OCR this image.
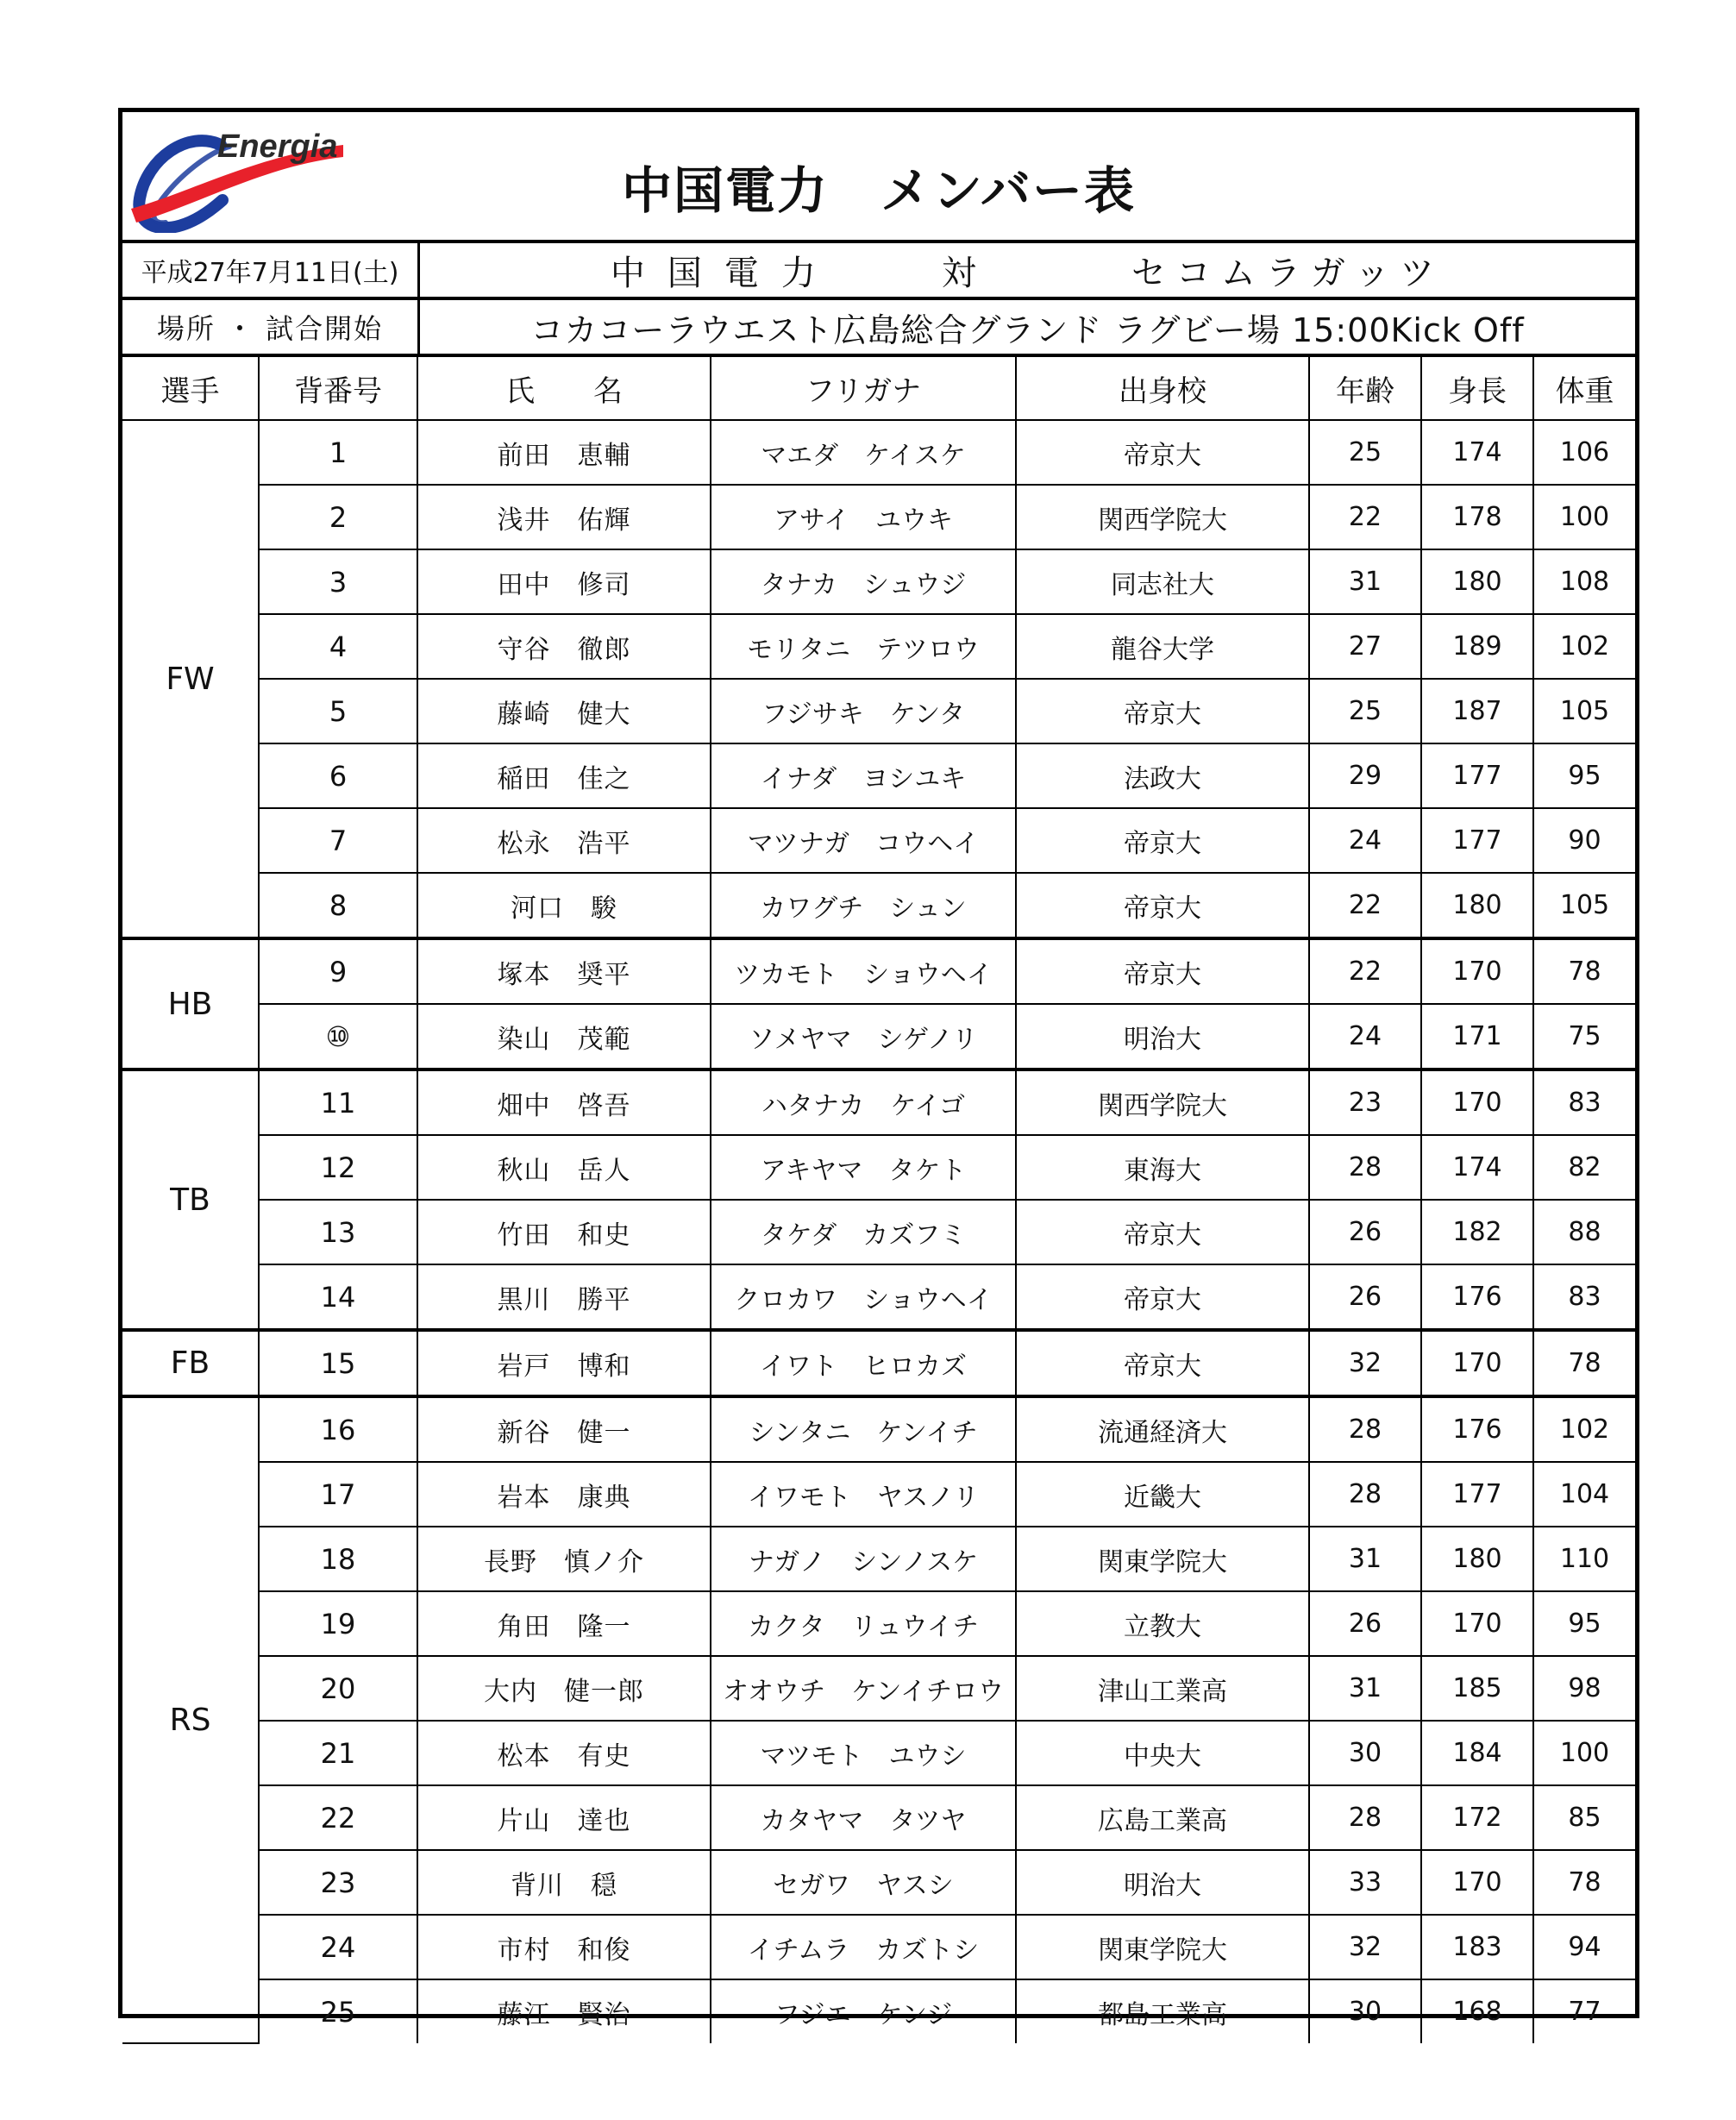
Energia
中国電力　メンバー表
平成27年7月11日(土)	中国電力	対	セコムラガッツ
場所 ・ 試合開始	コカコーラウエスト広島総合グランド ラグビー場 15:00Kick Off
選手	背番号	氏　　名	フリガナ	出身校	年齢	身長	体重
FW	1	前田　恵輔	マエダ　ケイスケ	帝京大	25	174	106
	2	浅井　佑輝	アサイ　ユウキ	関西学院大	22	178	100
	3	田中　修司	タナカ　シュウジ	同志社大	31	180	108
	4	守谷　徹郎	モリタニ　テツロウ	龍谷大学	27	189	102
	5	藤崎　健大	フジサキ　ケンタ	帝京大	25	187	105
	6	稲田　佳之	イナダ　ヨシユキ	法政大	29	177	95
	7	松永　浩平	マツナガ　コウヘイ	帝京大	24	177	90
	8	河口　駿	カワグチ　シュン	帝京大	22	180	105
HB	9	塚本　奨平	ツカモト　ショウヘイ	帝京大	22	170	78
	⑩	染山　茂範	ソメヤマ　シゲノリ	明治大	24	171	75
TB	11	畑中　啓吾	ハタナカ　ケイゴ	関西学院大	23	170	83
	12	秋山　岳人	アキヤマ　タケト	東海大	28	174	82
	13	竹田　和史	タケダ　カズフミ	帝京大	26	182	88
	14	黒川　勝平	クロカワ　ショウヘイ	帝京大	26	176	83
FB	15	岩戸　博和	イワト　ヒロカズ	帝京大	32	170	78
RS	16	新谷　健一	シンタニ　ケンイチ	流通経済大	28	176	102
	17	岩本　康典	イワモト　ヤスノリ	近畿大	28	177	104
	18	長野　慎ノ介	ナガノ　シンノスケ	関東学院大	31	180	110
	19	角田　隆一	カクタ　リュウイチ	立教大	26	170	95
	20	大内　健一郎	オオウチ　ケンイチロウ	津山工業高	31	185	98
	21	松本　有史	マツモト　ユウシ	中央大	30	184	100
	22	片山　達也	カタヤマ　タツヤ	広島工業高	28	172	85
	23	背川　穏	セガワ　ヤスシ	明治大	33	170	78
	24	市村　和俊	イチムラ　カズトシ	関東学院大	32	183	94
	25	藤江　賢治	フジエ　ケンジ	都島工業高	30	168	77
